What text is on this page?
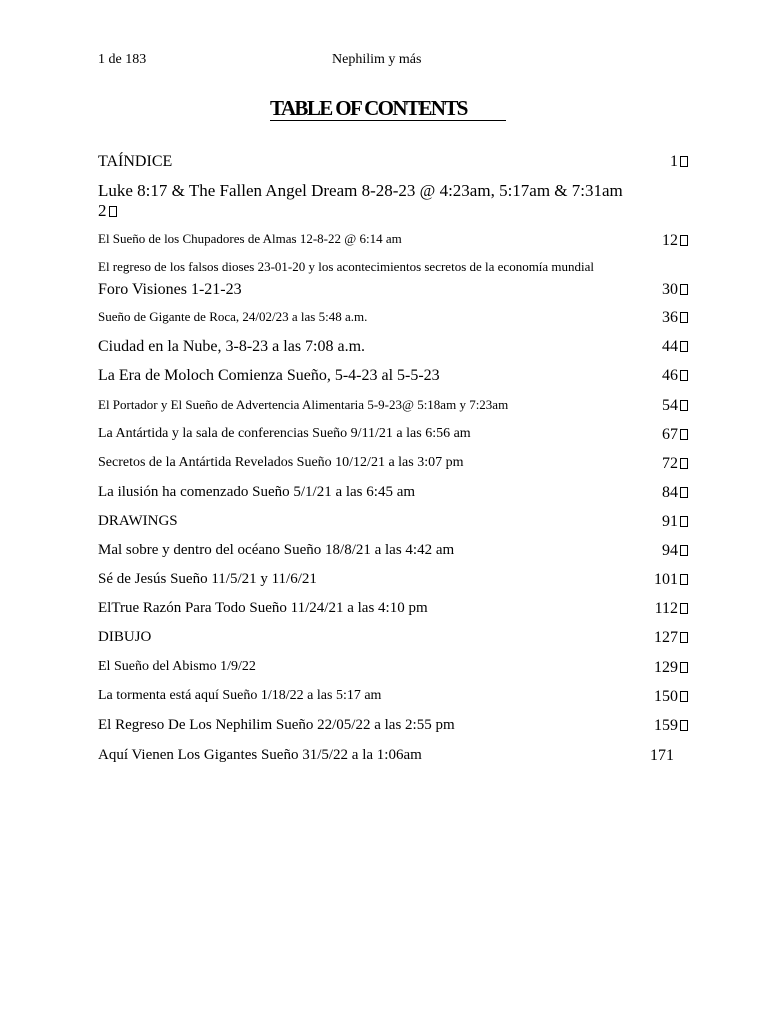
1 de 183	Nephilim y más
TABLE OF CONTENTS
TAÍNDICE	1
Luke 8:17 & The Fallen Angel Dream 8-28-23 @ 4:23am, 5:17am & 7:31am
2
El Sueño de los Chupadores de Almas 12-8-22 @ 6:14 am	12
El regreso de los falsos dioses 23-01-20 y los acontecimientos secretos de la economía mundial
Foro Visiones 1-21-23	30
Sueño de Gigante de Roca, 24/02/23 a las 5:48 a.m.	36
Ciudad en la Nube, 3-8-23 a las 7:08 a.m.	44
La Era de Moloch Comienza Sueño, 5-4-23 al 5-5-23	46
El Portador y El Sueño de Advertencia Alimentaria 5-9-23@ 5:18am y 7:23am	54
La Antártida y la sala de conferencias Sueño 9/11/21 a las 6:56 am	67
Secretos de la Antártida Revelados Sueño 10/12/21 a las 3:07 pm	72
La ilusión ha comenzado Sueño 5/1/21 a las 6:45 am	84
DRAWINGS	91
Mal sobre y dentro del océano Sueño 18/8/21 a las 4:42 am	94
Sé de Jesús Sueño 11/5/21 y 11/6/21	101
ElTrue Razón Para Todo Sueño 11/24/21 a las 4:10 pm	112
DIBUJO	127
El Sueño del Abismo 1/9/22	129
La tormenta está aquí Sueño 1/18/22 a las 5:17 am	150
El Regreso De Los Nephilim Sueño 22/05/22 a las 2:55 pm	159
Aquí Vienen Los Gigantes Sueño 31/5/22 a la 1:06am	171
